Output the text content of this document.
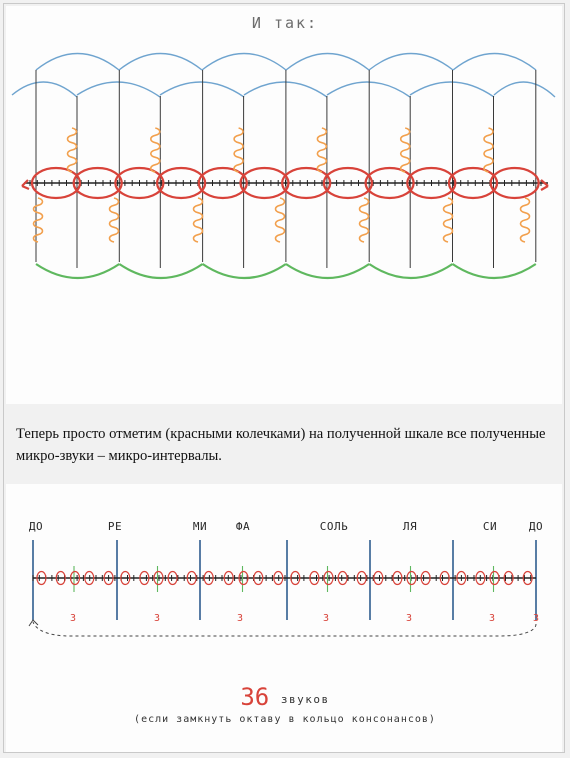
И так:
Теперь просто отметим (красными колечками) на полученной шкале все полученные микро-звуки – микро-интервалы.
ДО	РЕ	МИ	ФА	СОЛЬ	ЛЯ	СИ	ДО
3	3	3	3	3	3	3
36 звуков
(если замкнуть октаву в кольцо консонансов)
